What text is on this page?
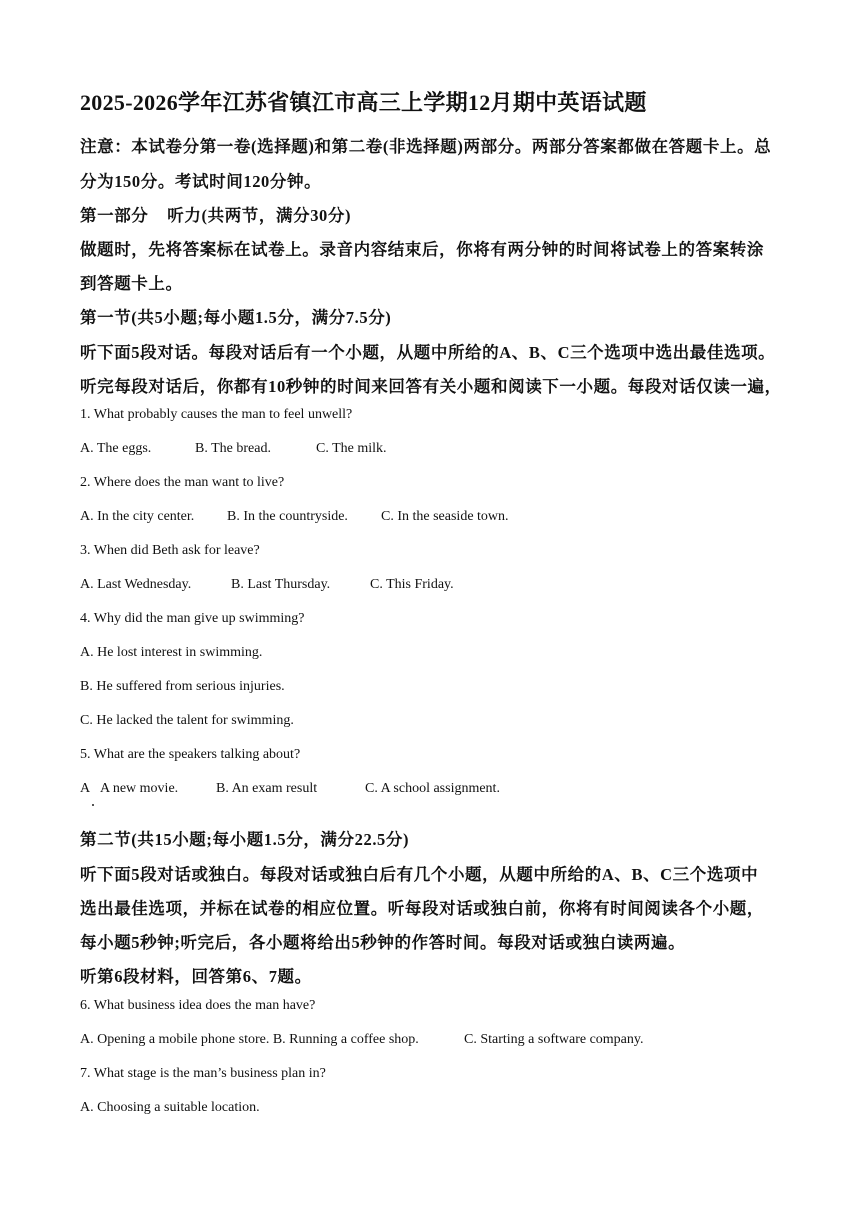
2025-2026学年江苏省镇江市高三上学期12月期中英语试题
注意：本试卷分第一卷(选择题)和第二卷(非选择题)两部分。两部分答案都做在答题卡上。总
分为150分。考试时间120分钟。
第一部分    听力(共两节，满分30分)
做题时，先将答案标在试卷上。录音内容结束后，你将有两分钟的时间将试卷上的答案转涂
到答题卡上。
第一节(共5小题;每小题1.5分，满分7.5分)
听下面5段对话。每段对话后有一个小题，从题中所给的A、B、C三个选项中选出最佳选项。
听完每段对话后，你都有10秒钟的时间来回答有关小题和阅读下一小题。每段对话仅读一遍，
1. What probably causes the man to feel unwell?
A. The eggs.	B. The bread.	C. The milk.
2. Where does the man want to live?
A. In the city center. B. In the countryside. C. In the seaside town.
3. When did Beth ask for leave?
A. Last Wednesday.	B. Last Thursday.	C. This Friday.
4. Why did the man give up swimming?
A. He lost interest in swimming.
B. He suffered from serious injuries.
C. He lacked the talent for swimming.
5. What are the speakers talking about?
A A new movie.	B. An exam result	C. A school assignment.
第二节(共15小题;每小题1.5分，满分22.5分)
听下面5段对话或独白。每段对话或独白后有几个小题，从题中所给的A、B、C三个选项中
选出最佳选项，并标在试卷的相应位置。听每段对话或独白前，你将有时间阅读各个小题，
每小题5秒钟;听完后，各小题将给出5秒钟的作答时间。每段对话或独白读两遍。
听第6段材料，回答第6、7题。
6. What business idea does the man have?
A. Opening a mobile phone store. B. Running a coffee shop.	C. Starting a software company.
7. What stage is the man’s business plan in?
A. Choosing a suitable location.
